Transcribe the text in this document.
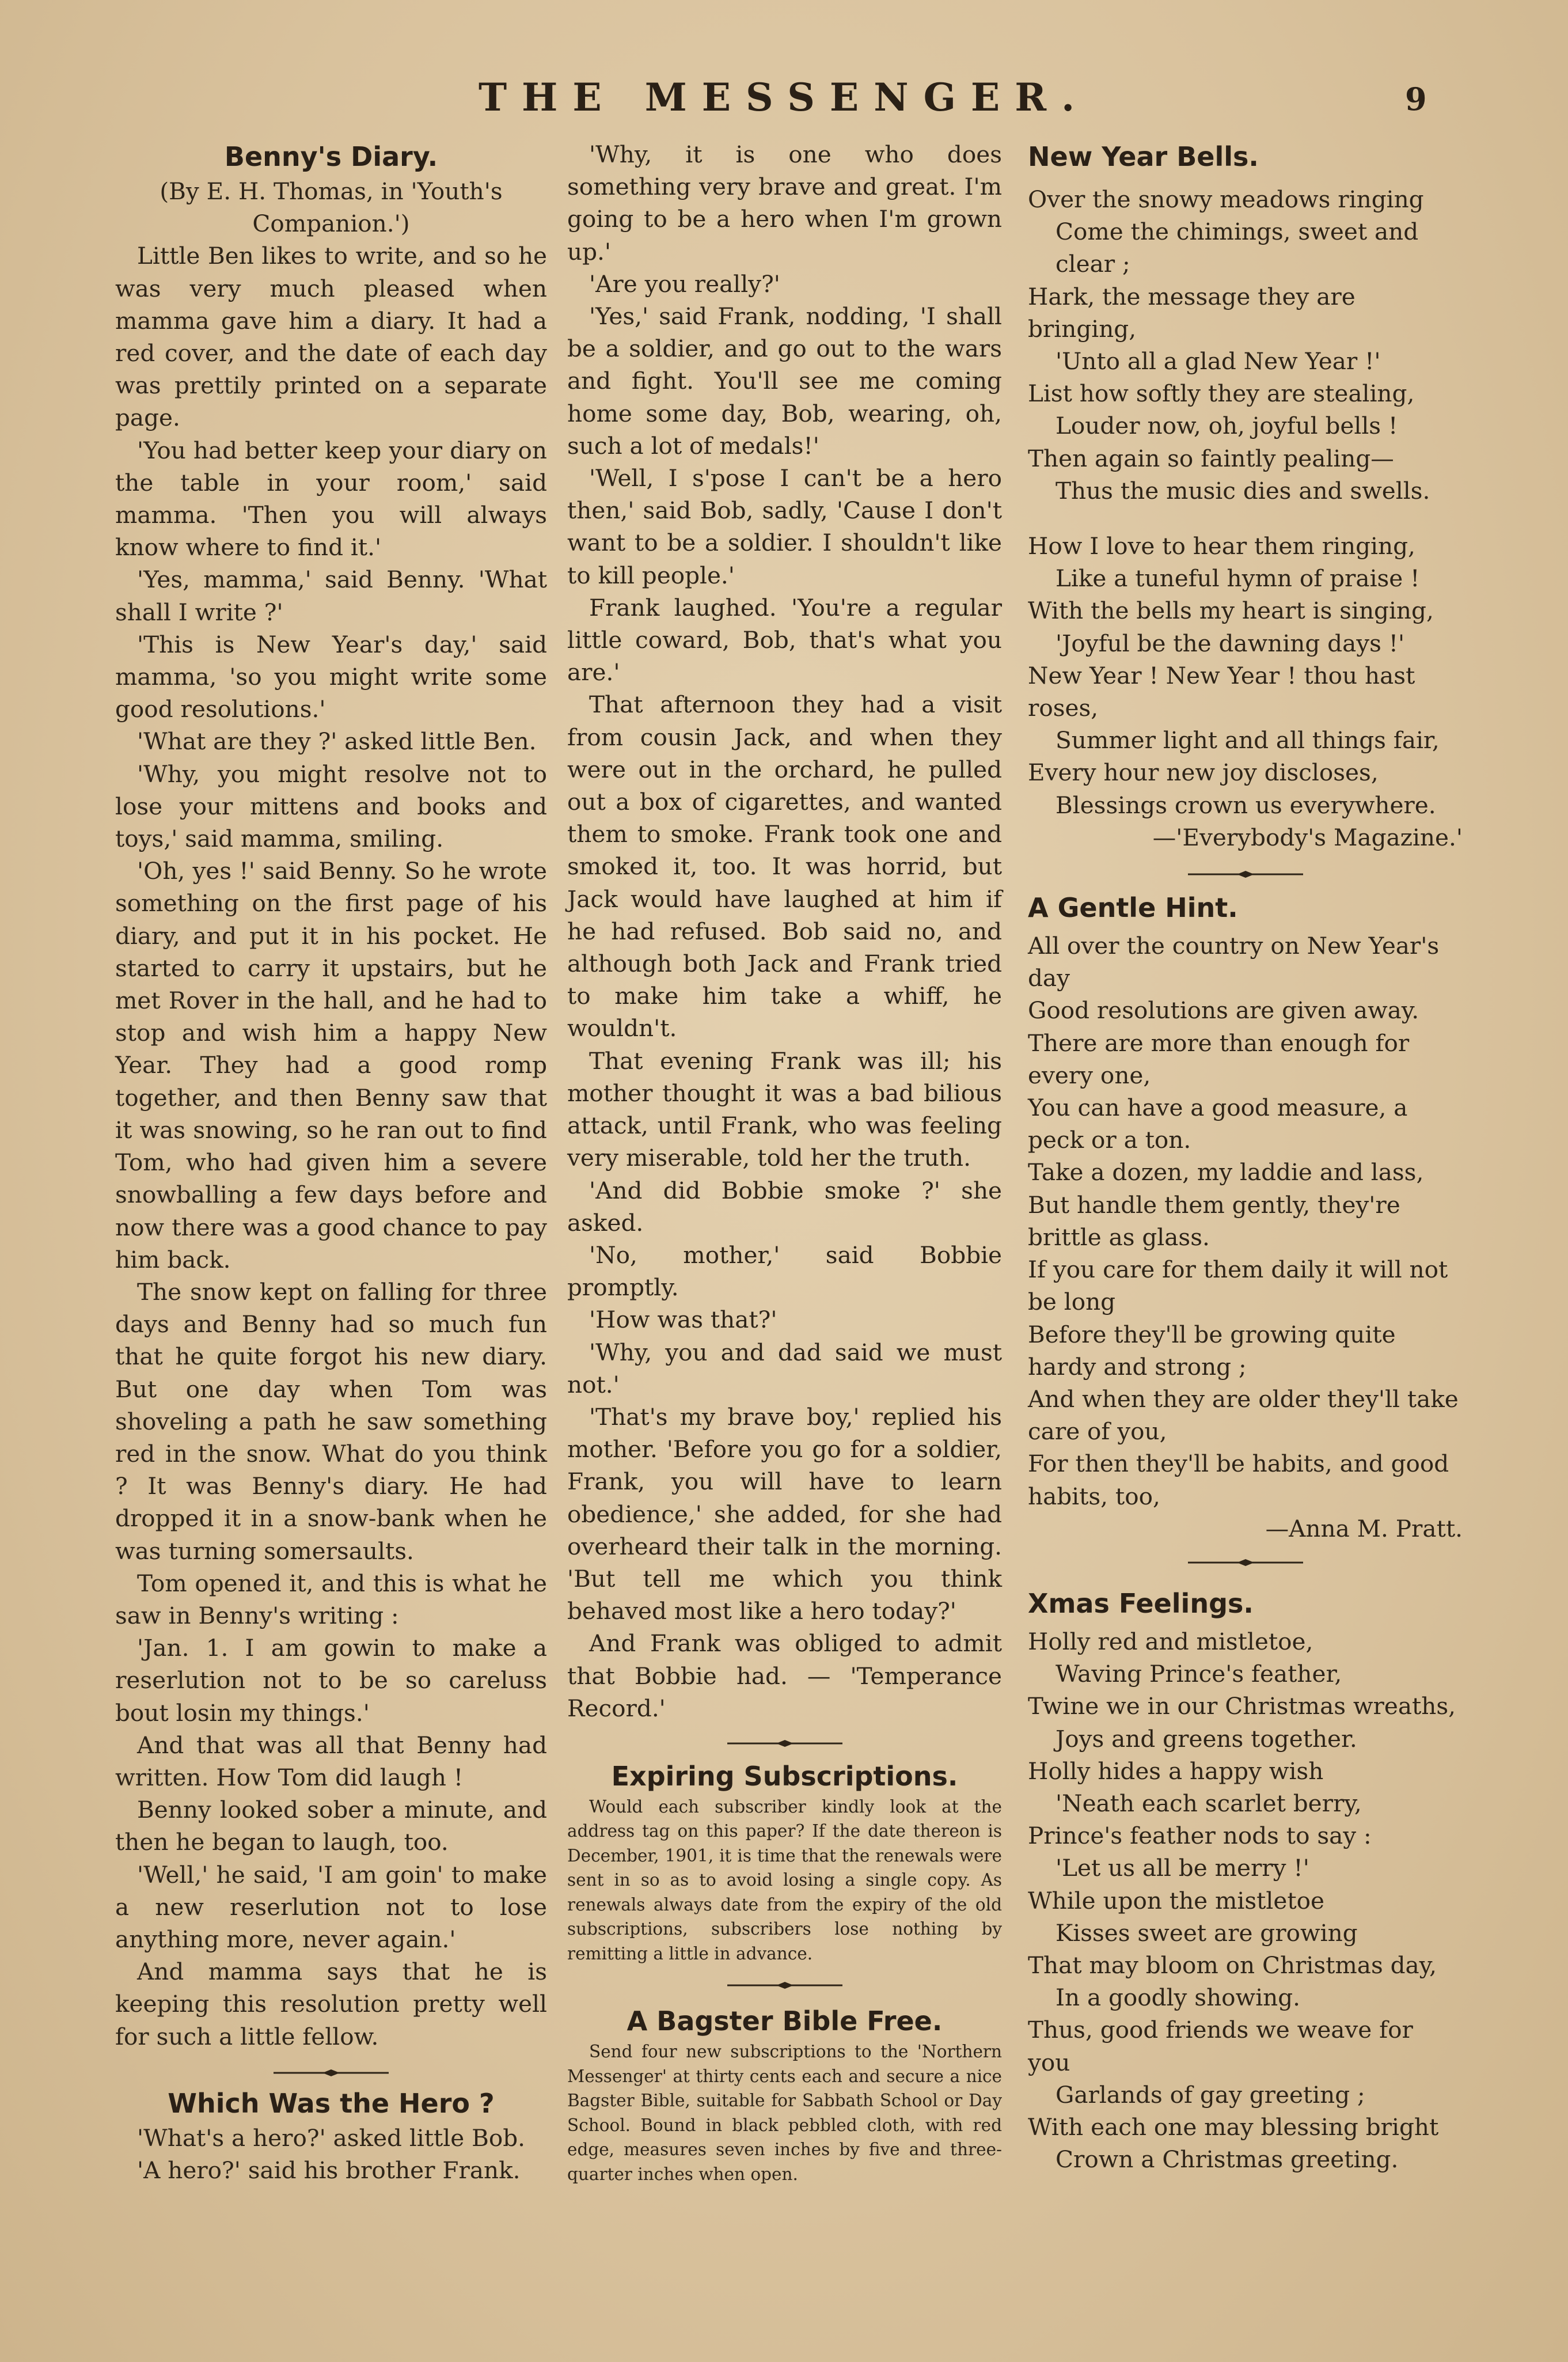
THE MESSENGER.	9

Benny's Diary.

(By E. H. Thomas, in 'Youth's Companion.')

Little Ben likes to write, and so he was very much pleased when mamma gave him a diary. It had a red cover, and the date of each day was prettily printed on a separate page.

'You had better keep your diary on the table in your room,' said mamma. 'Then you will always know where to find it.'

'Yes, mamma,' said Benny. 'What shall I write ?'

'This is New Year's day,' said mamma, 'so you might write some good resolutions.'

'What are they ?' asked little Ben.

'Why, you might resolve not to lose your mittens and books and toys,' said mamma, smiling.

'Oh, yes !' said Benny. So he wrote something on the first page of his diary, and put it in his pocket. He started to carry it upstairs, but he met Rover in the hall, and he had to stop and wish him a happy New Year. They had a good romp together, and then Benny saw that it was snowing, so he ran out to find Tom, who had given him a severe snowballing a few days before and now there was a good chance to pay him back.

The snow kept on falling for three days and Benny had so much fun that he quite forgot his new diary. But one day when Tom was shoveling a path he saw something red in the snow. What do you think ? It was Benny's diary. He had dropped it in a snow-bank when he was turning somersaults.

Tom opened it, and this is what he saw in Benny's writing :

'Jan. 1. I am gowin to make a reserlution not to be so careluss bout losin my things.'

And that was all that Benny had written. How Tom did laugh !

Benny looked sober a minute, and then he began to laugh, too.

'Well,' he said, 'I am goin' to make a new reserlution not to lose anything more, never again.'

And mamma says that he is keeping this resolution pretty well for such a little fellow.

Which Was the Hero ?

'What's a hero?' asked little Bob.

'A hero?' said his brother Frank.

'Why, it is one who does something very brave and great. I'm going to be a hero when I'm grown up.'

'Are you really?'

'Yes,' said Frank, nodding, 'I shall be a soldier, and go out to the wars and fight. You'll see me coming home some day, Bob, wearing, oh, such a lot of medals!'

'Well, I s'pose I can't be a hero then,' said Bob, sadly, 'Cause I don't want to be a soldier. I shouldn't like to kill people.'

Frank laughed. 'You're a regular little coward, Bob, that's what you are.'

That afternoon they had a visit from cousin Jack, and when they were out in the orchard, he pulled out a box of cigarettes, and wanted them to smoke. Frank took one and smoked it, too. It was horrid, but Jack would have laughed at him if he had refused. Bob said no, and although both Jack and Frank tried to make him take a whiff, he wouldn't.

That evening Frank was ill; his mother thought it was a bad bilious attack, until Frank, who was feeling very miserable, told her the truth.

'And did Bobbie smoke ?' she asked.

'No, mother,' said Bobbie promptly.

'How was that?'

'Why, you and dad said we must not.'

'That's my brave boy,' replied his mother. 'Before you go for a soldier, Frank, you will have to learn obedience,' she added, for she had overheard their talk in the morning. 'But tell me which you think behaved most like a hero today?'

And Frank was obliged to admit that Bobbie had. — 'Temperance Record.'

Expiring Subscriptions.

Would each subscriber kindly look at the address tag on this paper? If the date thereon is December, 1901, it is time that the renewals were sent in so as to avoid losing a single copy. As renewals always date from the expiry of the old subscriptions, subscribers lose nothing by remitting a little in advance.

A Bagster Bible Free.

Send four new subscriptions to the 'Northern Messenger' at thirty cents each and secure a nice Bagster Bible, suitable for Sabbath School or Day School. Bound in black pebbled cloth, with red edge, measures seven inches by five and three-quarter inches when open.

New Year Bells.

Over the snowy meadows ringing

Come the chimings, sweet and clear ;

Hark, the message they are bringing,

'Unto all a glad New Year !'

List how softly they are stealing,

Louder now, oh, joyful bells !

Then again so faintly pealing—

Thus the music dies and swells.

How I love to hear them ringing,

Like a tuneful hymn of praise !

With the bells my heart is singing,

'Joyful be the dawning days !'

New Year ! New Year ! thou hast roses,

Summer light and all things fair,

Every hour new joy discloses,

Blessings crown us everywhere.

—'Everybody's Magazine.'

A Gentle Hint.

All over the country on New Year's day

Good resolutions are given away.

There are more than enough for every one,

You can have a good measure, a peck or a ton.

Take a dozen, my laddie and lass,

But handle them gently, they're brittle as glass.

If you care for them daily it will not be long

Before they'll be growing quite hardy and strong ;

And when they are older they'll take care of you,

For then they'll be habits, and good habits, too,

—Anna M. Pratt.

Xmas Feelings.

Holly red and mistletoe,

Waving Prince's feather,

Twine we in our Christmas wreaths,

Joys and greens together.

Holly hides a happy wish

'Neath each scarlet berry,

Prince's feather nods to say :

'Let us all be merry !'

While upon the mistletoe

Kisses sweet are growing

That may bloom on Christmas day,

In a goodly showing.

Thus, good friends we weave for you

Garlands of gay greeting ;

With each one may blessing bright

Crown a Christmas greeting.
